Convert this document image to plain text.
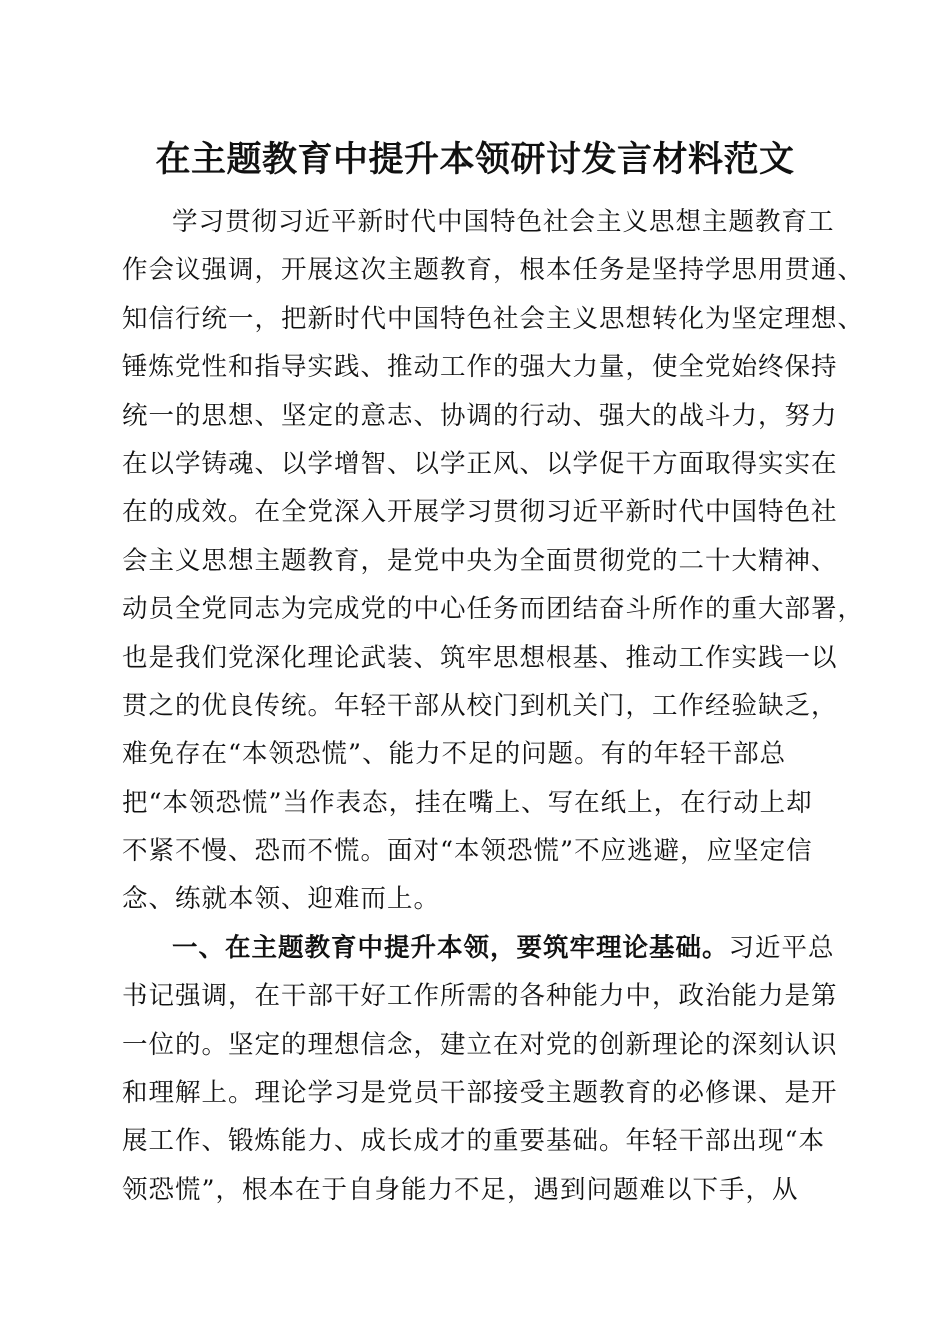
在主题教育中提升本领研讨发言材料范文
学习贯彻习近平新时代中国特色社会主义思想主题教育工
作会议强调，开展这次主题教育，根本任务是坚持学思用贯通、
知信行统一，把新时代中国特色社会主义思想转化为坚定理想、
锤炼党性和指导实践、推动工作的强大力量，使全党始终保持
统一的思想、坚定的意志、协调的行动、强大的战斗力，努力
在以学铸魂、以学增智、以学正风、以学促干方面取得实实在
在的成效。在全党深入开展学习贯彻习近平新时代中国特色社
会主义思想主题教育，是党中央为全面贯彻党的二十大精神、
动员全党同志为完成党的中心任务而团结奋斗所作的重大部署，
也是我们党深化理论武装、筑牢思想根基、推动工作实践一以
贯之的优良传统。年轻干部从校门到机关门，工作经验缺乏，
难免存在“本领恐慌”、能力不足的问题。有的年轻干部总
把“本领恐慌”当作表态，挂在嘴上、写在纸上，在行动上却
不紧不慢、恐而不慌。面对“本领恐慌”不应逃避，应坚定信
念、练就本领、迎难而上。
一、在主题教育中提升本领，要筑牢理论基础。习近平总
书记强调，在干部干好工作所需的各种能力中，政治能力是第
一位的。坚定的理想信念，建立在对党的创新理论的深刻认识
和理解上。理论学习是党员干部接受主题教育的必修课、是开
展工作、锻炼能力、成长成才的重要基础。年轻干部出现“本
领恐慌”，根本在于自身能力不足，遇到问题难以下手，从
